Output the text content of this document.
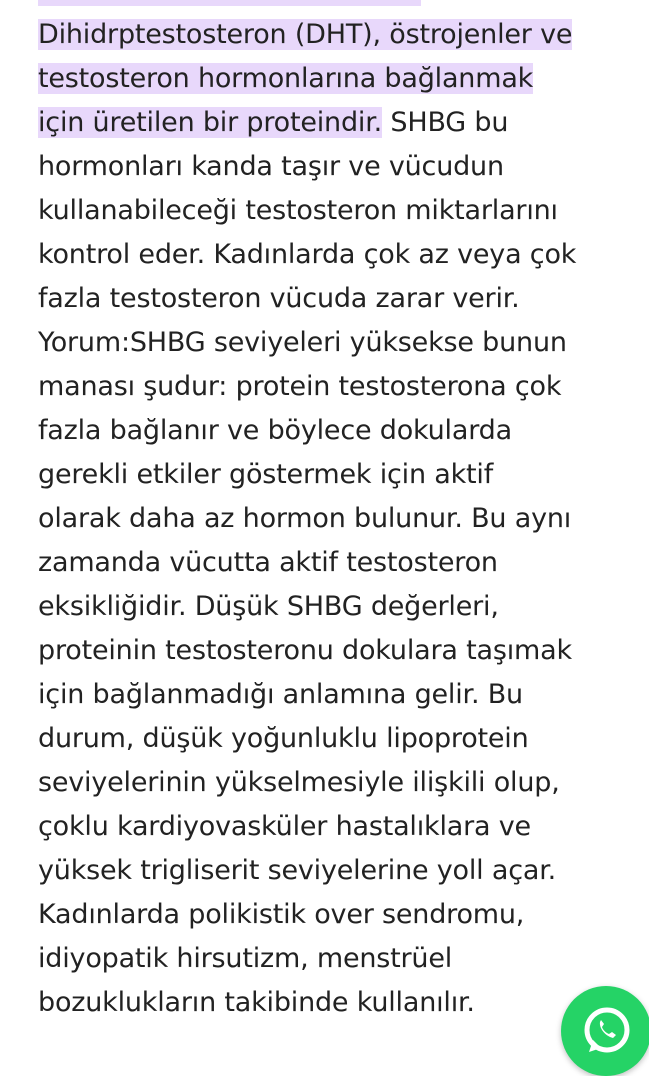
Dihidrptestosteron (DHT), östrojenler ve
testosteron hormonlarına bağlanmak
için üretilen bir proteindir. SHBG bu
hormonları kanda taşır ve vücudun
kullanabileceği testosteron miktarlarını
kontrol eder. Kadınlarda çok az veya çok
fazla testosteron vücuda zarar verir.
Yorum:SHBG seviyeleri yüksekse bunun
manası şudur: protein testosterona çok
fazla bağlanır ve böylece dokularda
gerekli etkiler göstermek için aktif
olarak daha az hormon bulunur. Bu aynı
zamanda vücutta aktif testosteron
eksikliğidir. Düşük SHBG değerleri,
proteinin testosteronu dokulara taşımak
için bağlanmadığı anlamına gelir. Bu
durum, düşük yoğunluklu lipoprotein
seviyelerinin yükselmesiyle ilişkili olup,
çoklu kardiyovasküler hastalıklara ve
yüksek trigliserit seviyelerine yoll açar.
Kadınlarda polikistik over sendromu,
idiyopatik hirsutizm, menstrüel
bozuklukların takibinde kullanılır.
